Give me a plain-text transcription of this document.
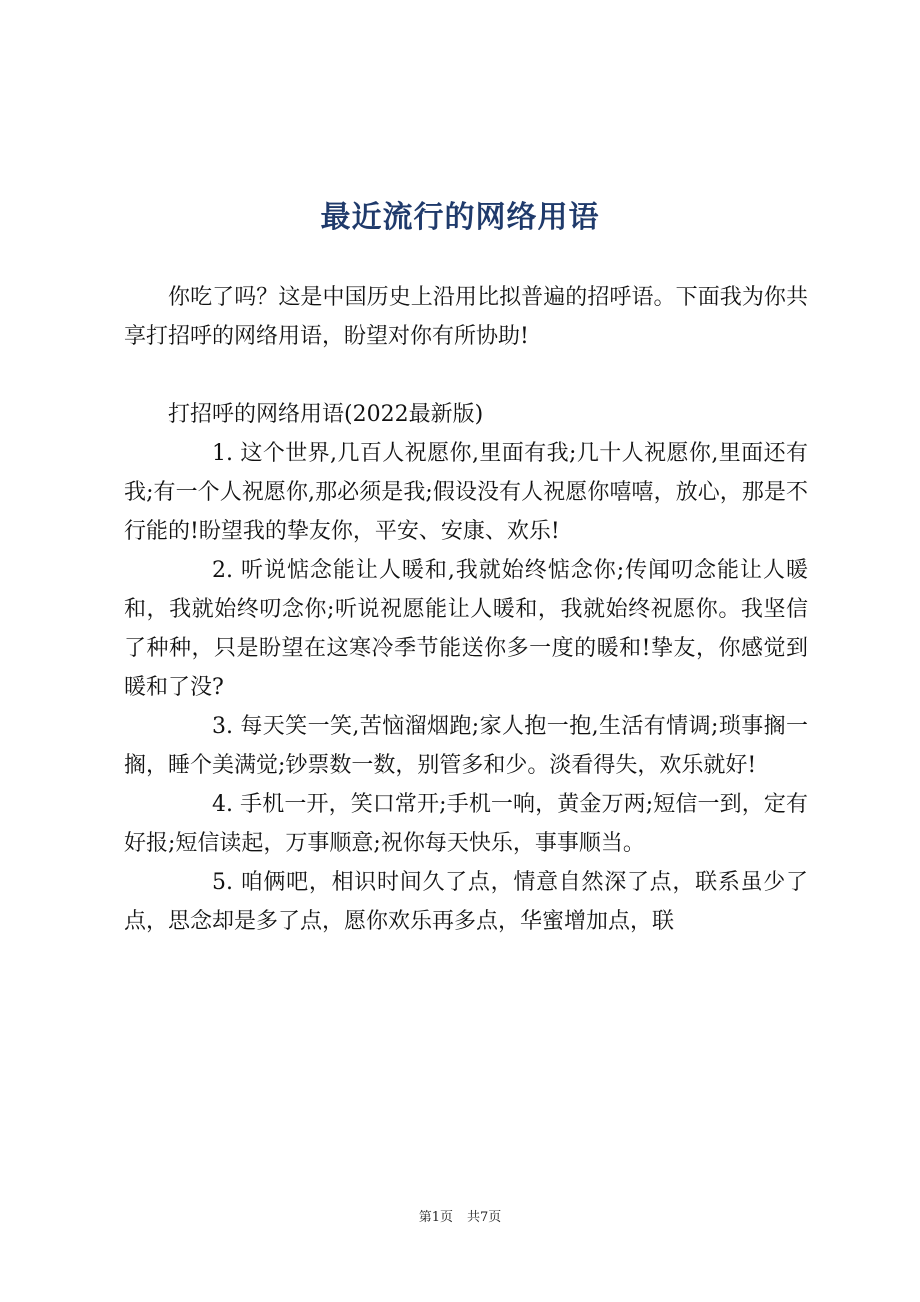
最近流行的网络用语

你吃了吗？这是中国历史上沿用比拟普遍的招呼语。下面我为你共享打招呼的网络用语，盼望对你有所协助!

打招呼的网络用语(2022最新版)

1. 这个世界,几百人祝愿你,里面有我;几十人祝愿你,里面还有我;有一个人祝愿你,那必须是我;假设没有人祝愿你嘻嘻，放心，那是不行能的!盼望我的挚友你，平安、安康、欢乐!

2. 听说惦念能让人暖和,我就始终惦念你;传闻叨念能让人暖和，我就始终叨念你;听说祝愿能让人暖和，我就始终祝愿你。我坚信了种种，只是盼望在这寒冷季节能送你多一度的暖和!挚友，你感觉到暖和了没?

3. 每天笑一笑,苦恼溜烟跑;家人抱一抱,生活有情调;琐事搁一搁，睡个美满觉;钞票数一数，别管多和少。淡看得失，欢乐就好!

4. 手机一开，笑口常开;手机一响，黄金万两;短信一到，定有好报;短信读起，万事顺意;祝你每天快乐，事事顺当。

5. 咱俩吧，相识时间久了点，情意自然深了点，联系虽少了点，思念却是多了点，愿你欢乐再多点，华蜜增加点，联

第1页 共7页
